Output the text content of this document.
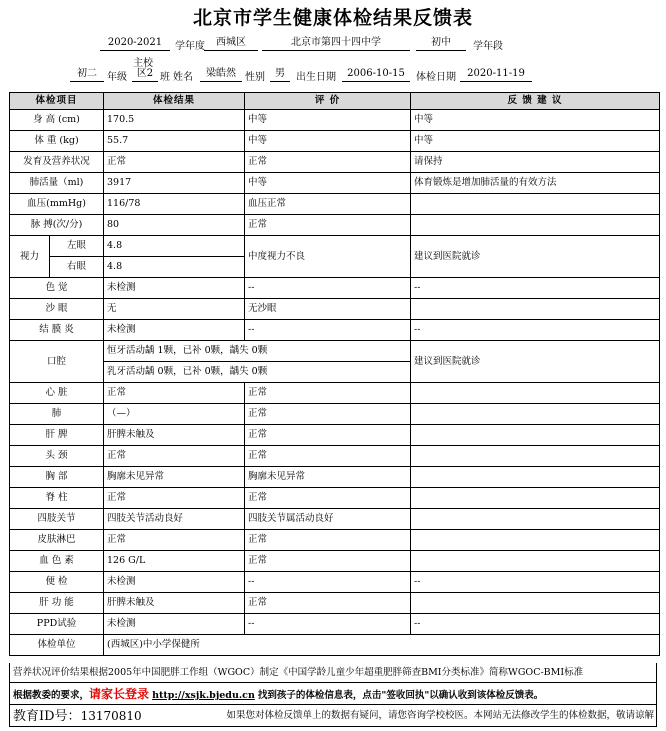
北京市学生健康体检结果反馈表
2020-2021	学年度	西城区	北京市第四十四中学	初中	学年段
初二	年级
主校
区2 班 姓名	梁皓然 性别	男	出生日期	2006-10-15	体检日期	2020-11-19
体检项目		体检结果	评 价	反 馈 建 议
身 高 (cm)		170.5	中等	中等
体 重 (kg)		55.7	中等	中等
发育及营养状况		正常	正常	请保持
肺活量（ml)		3917	中等	体育锻炼是增加肺活量的有效方法
血压(mmHg)		116/78	血压正常	
脉 搏(次/分)		80	正常	
视力	左眼	4.8	中度视力不良	建议到医院就诊
	右眼	4.8		
色 觉		未检测	--	--
沙 眼		无	无沙眼	
结 膜 炎		未检测	--	--
口腔		恒牙活动龋 1颗，已补 0颗，龋失 0颗		建议到医院就诊
		乳牙活动龋 0颗，已补 0颗，龋失 0颗		
心 脏		正常	正常	
肺		（—）	正常	
肝 脾		肝脾未触及	正常	
头 颈		正常	正常	
胸 部		胸廓未见异常	胸廓未见异常	
脊 柱		正常	正常	
四肢关节		四肢关节活动良好	四肢关节属活动良好	
皮肤淋巴		正常	正常	
血 色 素		126 G/L	正常	
便 检		未检测	--	--
肝 功 能		肝脾未触及	正常	
PPD试验		未检测	--	--
体检单位		(西城区)中小学保健所		
营养状况评价结果根据2005年中国肥胖工作组（WGOC）制定《中国学龄儿童少年超重肥胖筛查BMI分类标准》简称WGOC-BMI标准
根据教委的要求，请家长登录 http://xsjk.bjedu.cn 找到孩子的体检信息表，点击"签收回执"以确认收到该体检反馈表。
教育ID号：13170810	如果您对体检反馈单上的数据有疑问，请您咨询学校校医。本网站无法修改学生的体检数据，敬请谅解
